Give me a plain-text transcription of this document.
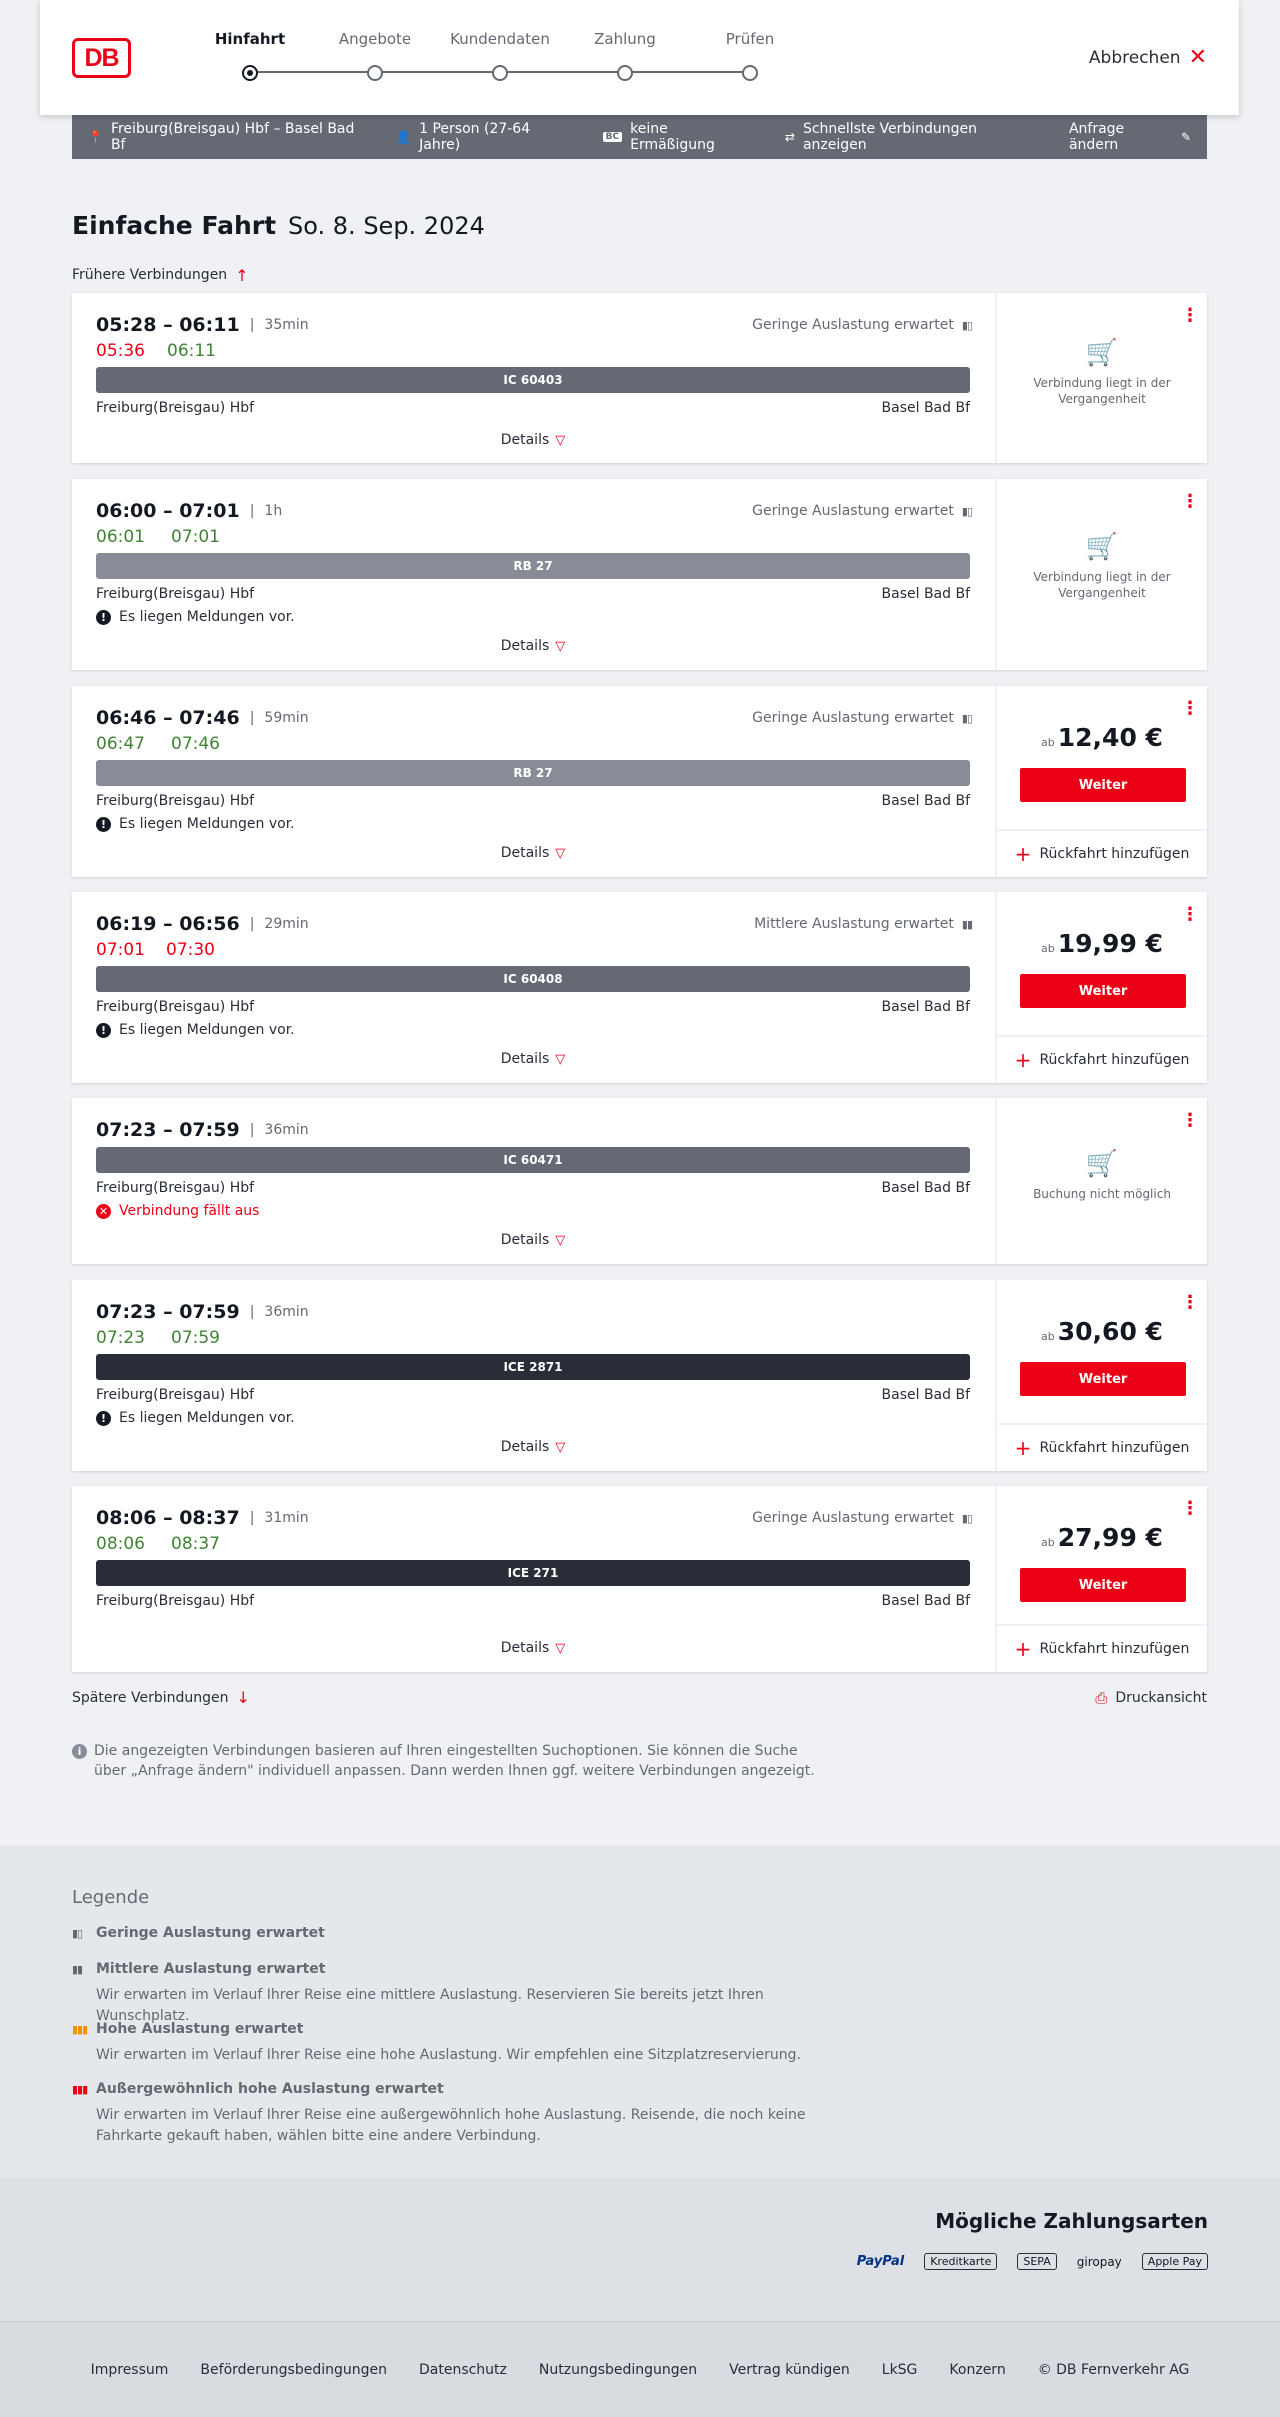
DB
Hinfahrt	Angebote	Kundendaten	Zahlung	Prüfen
Abbrechen ✕
📍 Freiburg(Breisgau) Hbf – Basel Bad Bf	👤 1 Person (27-64 Jahre)	BC keine Ermäßigung	⇄ Schnellste Verbindungen anzeigen
Anfrage ändern	✎
Einfache Fahrt So. 8. Sep. 2024
Frühere Verbindungen ↑
05:28 – 06:11 | 35min
05:36 06:11
Geringe Auslastung erwartet ▮▯
IC 60403
Freiburg(Breisgau) Hbf	Basel Bad Bf
Details ▽
⋮
🛒
Verbindung liegt in der Vergangenheit
06:00 – 07:01 | 1h
06:01 07:01
Geringe Auslastung erwartet ▮▯
RB 27
Freiburg(Breisgau) Hbf	Basel Bad Bf
! Es liegen Meldungen vor.
Details ▽
⋮
🛒
Verbindung liegt in der Vergangenheit
06:46 – 07:46 | 59min
06:47 07:46
Geringe Auslastung erwartet ▮▯
RB 27
Freiburg(Breisgau) Hbf	Basel Bad Bf
! Es liegen Meldungen vor.
Details ▽
⋮
ab 12,40 €
Weiter
+ Rückfahrt hinzufügen
06:19 – 06:56 | 29min
07:01 07:30
Mittlere Auslastung erwartet ▮▮
IC 60408
Freiburg(Breisgau) Hbf	Basel Bad Bf
! Es liegen Meldungen vor.
Details ▽
⋮
ab 19,99 €
Weiter
+ Rückfahrt hinzufügen
07:23 – 07:59 | 36min
IC 60471
Freiburg(Breisgau) Hbf	Basel Bad Bf
✕ Verbindung fällt aus
Details ▽
⋮
🛒
Buchung nicht möglich
07:23 – 07:59 | 36min
07:23 07:59
ICE 2871
Freiburg(Breisgau) Hbf	Basel Bad Bf
! Es liegen Meldungen vor.
Details ▽
⋮
ab 30,60 €
Weiter
+ Rückfahrt hinzufügen
08:06 – 08:37 | 31min
08:06 08:37
Geringe Auslastung erwartet ▮▯
ICE 271
Freiburg(Breisgau) Hbf	Basel Bad Bf
Details ▽
⋮
ab 27,99 €
Weiter
+ Rückfahrt hinzufügen
Spätere Verbindungen ↓	⎙ Druckansicht
i Die angezeigten Verbindungen basieren auf Ihren eingestellten Suchoptionen. Sie können die Suche über „Anfrage ändern" individuell anpassen. Dann werden Ihnen ggf. weitere Verbindungen angezeigt.
Legende
▮▯ Geringe Auslastung erwartet
▮▮ Mittlere Auslastung erwartet
Wir erwarten im Verlauf Ihrer Reise eine mittlere Auslastung. Reservieren Sie bereits jetzt Ihren Wunschplatz.
▮▮▮ Hohe Auslastung erwartet
Wir erwarten im Verlauf Ihrer Reise eine hohe Auslastung. Wir empfehlen eine Sitzplatzreservierung.
▮▮▮ Außergewöhnlich hohe Auslastung erwartet
Wir erwarten im Verlauf Ihrer Reise eine außergewöhnlich hohe Auslastung. Reisende, die noch keine Fahrkarte gekauft haben, wählen bitte eine andere Verbindung.
Mögliche Zahlungsarten
PayPal	Kreditkarte	SEPA	giropay	Apple Pay
Impressum Beförderungsbedingungen Datenschutz Nutzungsbedingungen Vertrag kündigen LkSG Konzern © DB Fernverkehr AG
